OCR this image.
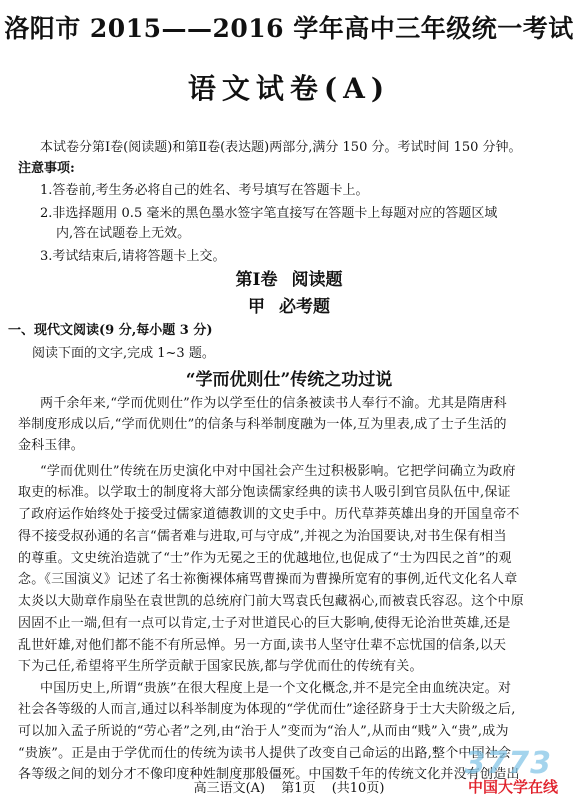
洛阳市 2015——2016 学年高中三年级统一考试
语文试卷(A)
本试卷分第Ⅰ卷(阅读题)和第Ⅱ卷(表达题)两部分,满分 150 分。考试时间 150 分钟。
注意事项:
1.答卷前,考生务必将自己的姓名、考号填写在答题卡上。
2.非选择题用 0.5 毫米的黑色墨水签字笔直接写在答题卡上每题对应的答题区域
内,答在试题卷上无效。
3.考试结束后,请将答题卡上交。
第Ⅰ卷 阅读题
甲 必考题
一、现代文阅读(9 分,每小题 3 分)
阅读下面的文字,完成 1~3 题。
“学而优则仕”传统之功过说
两千余年来,“学而优则仕”作为以学至仕的信条被读书人奉行不渝。尤其是隋唐科
举制度形成以后,“学而优则仕”的信条与科举制度融为一体,互为里表,成了士子生活的
金科玉律。
“学而优则仕”传统在历史演化中对中国社会产生过积极影响。它把学问确立为政府
取吏的标准。以学取士的制度将大部分饱读儒家经典的读书人吸引到官员队伍中,保证
了政府运作始终处于接受过儒家道德教训的文史手中。历代草莽英雄出身的开国皇帝不
得不接受叔孙通的名言“儒者难与进取,可与守成”,并视之为治国要诀,对书生保有相当
的尊重。文史统治造就了“士”作为无冕之王的优越地位,也促成了“士为四民之首”的观
念。《三国演义》记述了名士祢衡裸体痛骂曹操而为曹操所宽宥的事例,近代文化名人章
太炎以大勋章作扇坠在袁世凯的总统府门前大骂袁氏包藏祸心,而被袁氏容忍。这个中原
因固不止一端,但有一点可以肯定,士子对世道民心的巨大影响,使得无论治世英雄,还是
乱世奸雄,对他们都不能不有所忌惮。另一方面,读书人坚守仕辈不忘忧国的信条,以天
下为己任,希望将平生所学贡献于国家民族,都与学优而仕的传统有关。
中国历史上,所谓“贵族”在很大程度上是一个文化概念,并不是完全由血统决定。对
社会各等级的人而言,通过以科举制度为体现的“学优而仕”途径跻身于士大夫阶级之后,
可以加入孟子所说的“劳心者”之列,由“治于人”变而为“治人”,从而由“贱”入“贵”,成为
“贵族”。正是由于学优而仕的传统为读书人提供了改变自己命运的出路,整个中国社会
各等级之间的划分才不像印度种姓制度那般僵死。中国数千年的传统文化并没有创造出
高三语文(A) 第1页 (共10页)
3773
中国大学在线
